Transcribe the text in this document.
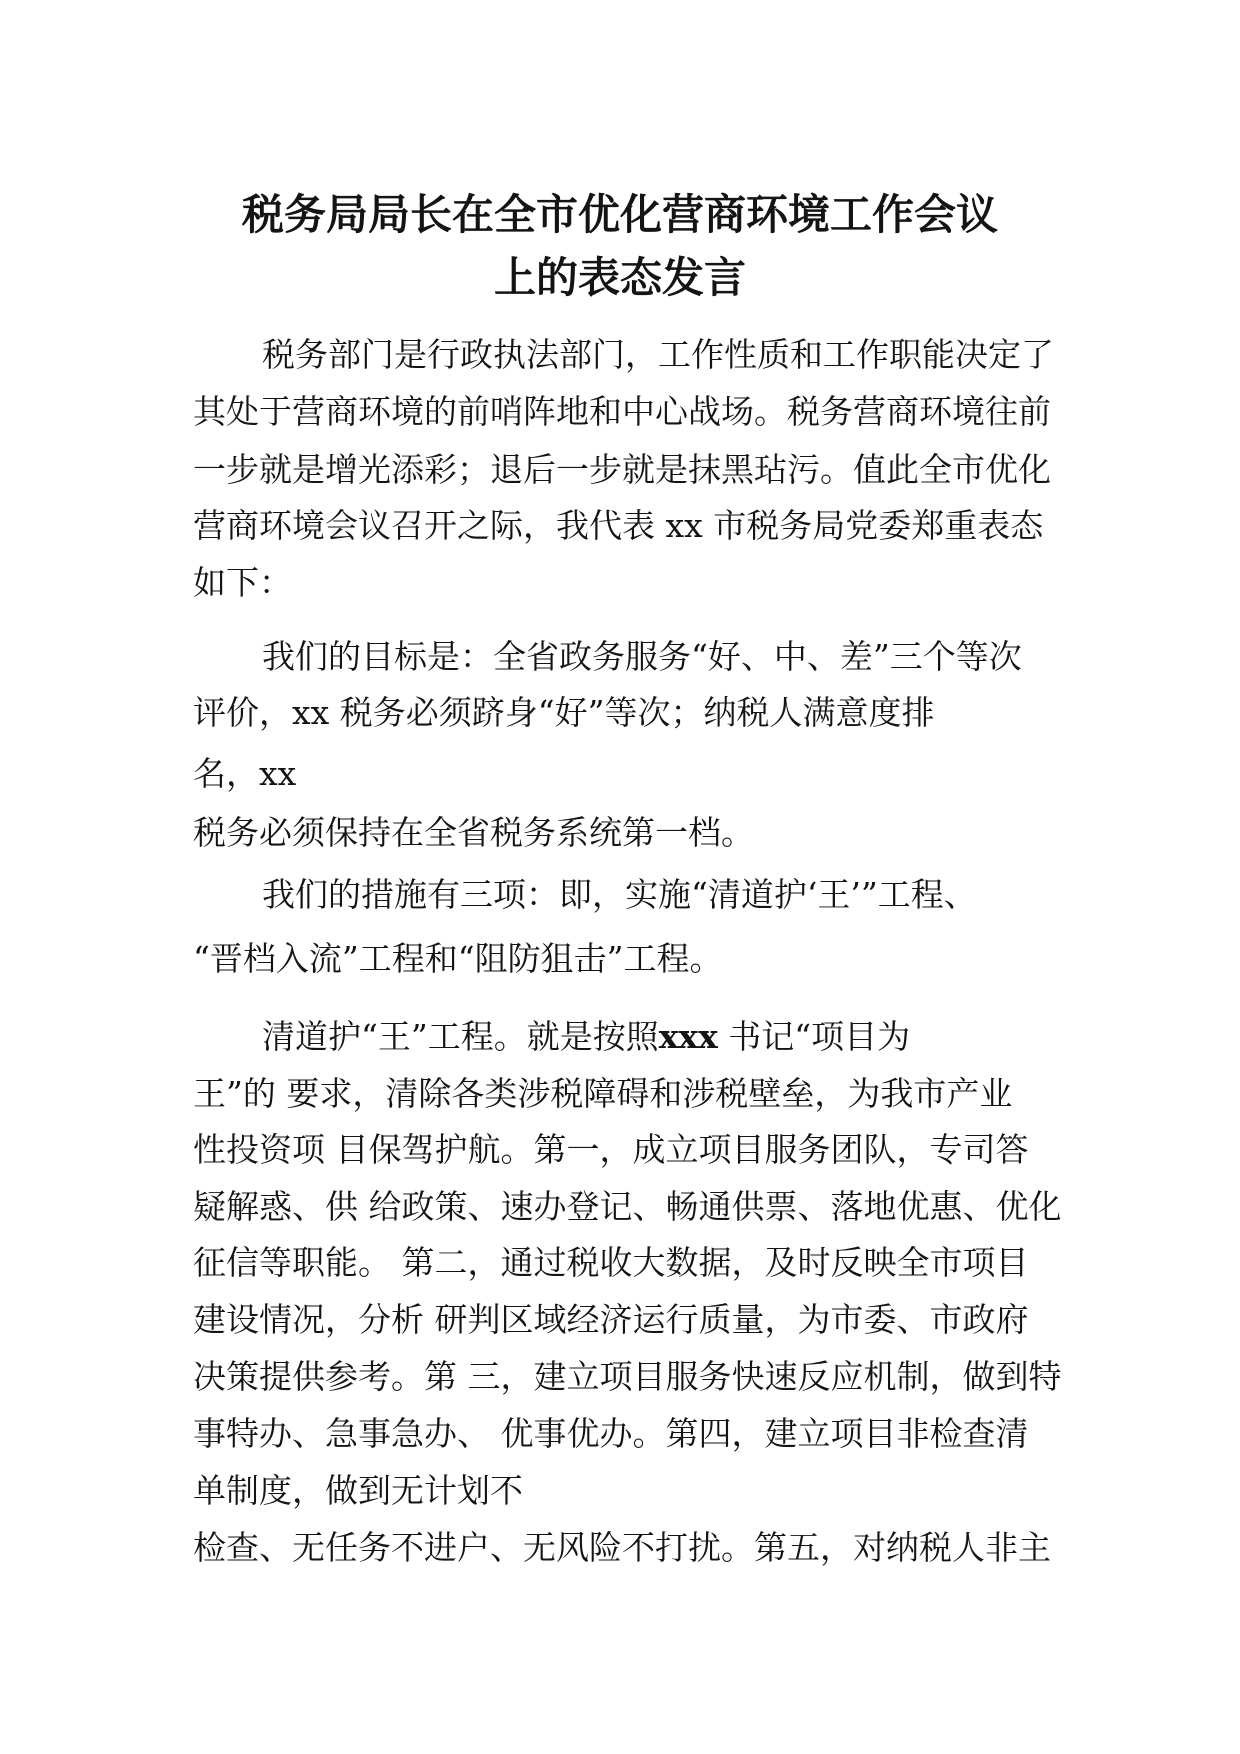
税务局局长在全市优化营商环境工作会议
上的表态发言

税务部门是行政执法部门，工作性质和工作职能决定了

其处于营商环境的前哨阵地和中心战场。税务营商环境往前

一步就是增光添彩；退后一步就是抹黑玷污。值此全市优化

营商环境会议召开之际，我代表 xx 市税务局党委郑重表态

如下：

我们的目标是：全省政务服务“好、中、差”三个等次

评价，xx 税务必须跻身“好”等次；纳税人满意度排

名，xx

税务必须保持在全省税务系统第一档。

我们的措施有三项：即，实施“清道护‘王’”工程、

“晋档入流”工程和“阻防狙击”工程。

清道护“王”工程。就是按照xxx 书记“项目为

王”的 要求，清除各类涉税障碍和涉税壁垒，为我市产业

性投资项 目保驾护航。第一，成立项目服务团队，专司答

疑解惑、供 给政策、速办登记、畅通供票、落地优惠、优化

征信等职能。 第二，通过税收大数据，及时反映全市项目

建设情况，分析 研判区域经济运行质量，为市委、市政府

决策提供参考。第 三，建立项目服务快速反应机制，做到特

事特办、急事急办、 优事优办。第四，建立项目非检查清

单制度，做到无计划不

检查、无任务不进户、无风险不打扰。第五，对纳税人非主
